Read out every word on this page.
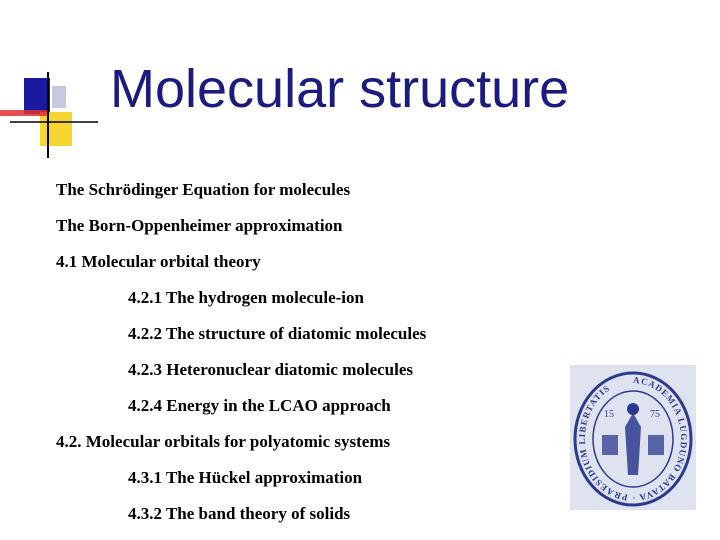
Molecular structure
The Schrödinger Equation for molecules
The Born-Oppenheimer approximation
4.1 Molecular orbital theory
4.2.1 The hydrogen molecule-ion
4.2.2 The structure of diatomic molecules
4.2.3 Heteronuclear diatomic molecules
4.2.4 Energy in the LCAO approach
4.2. Molecular orbitals for polyatomic systems
4.3.1 The Hückel approximation
4.3.2 The band theory of solids
ACADEMIA LUGDUNO BATAVA · PRAESIDIUM LIBERTATIS
15	75
